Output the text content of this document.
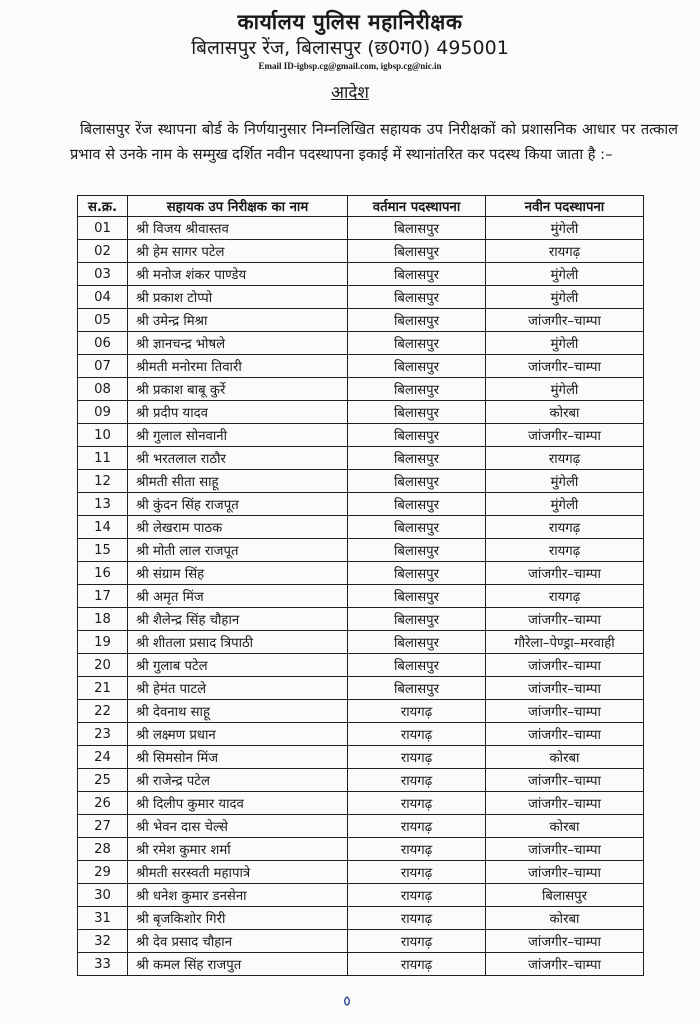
कार्यालय पुलिस महानिरीक्षक
बिलासपुर रेंज, बिलासपुर (छ0ग0) 495001
Email ID-igbsp.cg@gmail.com, igbsp.cg@nic.in
आदेश
बिलासपुर रेंज स्थापना बोर्ड के निर्णयानुसार निम्नलिखित सहायक उप निरीक्षकों को प्रशासनिक आधार पर तत्काल प्रभाव से उनके नाम के सम्मुख दर्शित नवीन पदस्थापना इकाई में स्थानांतरित कर पदस्थ किया जाता है :–
स.क्र.	सहायक उप निरीक्षक का नाम	वर्तमान पदस्थापना	नवीन पदस्थापना
01	श्री विजय श्रीवास्तव	बिलासपुर	मुंगेली
02	श्री हेम सागर पटेल	बिलासपुर	रायगढ़
03	श्री मनोज शंकर पाण्डेय	बिलासपुर	मुंगेली
04	श्री प्रकाश टोप्पो	बिलासपुर	मुंगेली
05	श्री उमेन्द्र मिश्रा	बिलासपुर	जांजगीर–चाम्पा
06	श्री ज्ञानचन्द्र भोषले	बिलासपुर	मुंगेली
07	श्रीमती मनोरमा तिवारी	बिलासपुर	जांजगीर–चाम्पा
08	श्री प्रकाश बाबू कुर्रे	बिलासपुर	मुंगेली
09	श्री प्रदीप यादव	बिलासपुर	कोरबा
10	श्री गुलाल सोनवानी	बिलासपुर	जांजगीर–चाम्पा
11	श्री भरतलाल राठौर	बिलासपुर	रायगढ़
12	श्रीमती सीता साहू	बिलासपुर	मुंगेली
13	श्री कुंदन सिंह राजपूत	बिलासपुर	मुंगेली
14	श्री लेखराम पाठक	बिलासपुर	रायगढ़
15	श्री मोती लाल राजपूत	बिलासपुर	रायगढ़
16	श्री संग्राम सिंह	बिलासपुर	जांजगीर–चाम्पा
17	श्री अमृत मिंज	बिलासपुर	रायगढ़
18	श्री शैलेन्द्र सिंह चौहान	बिलासपुर	जांजगीर–चाम्पा
19	श्री शीतला प्रसाद त्रिपाठी	बिलासपुर	गौरेला–पेण्ड्रा–मरवाही
20	श्री गुलाब पटेल	बिलासपुर	जांजगीर–चाम्पा
21	श्री हेमंत पाटले	बिलासपुर	जांजगीर–चाम्पा
22	श्री देवनाथ साहू	रायगढ़	जांजगीर–चाम्पा
23	श्री लक्ष्मण प्रधान	रायगढ़	जांजगीर–चाम्पा
24	श्री सिमसोन मिंज	रायगढ़	कोरबा
25	श्री राजेन्द्र पटेल	रायगढ़	जांजगीर–चाम्पा
26	श्री दिलीप कुमार यादव	रायगढ़	जांजगीर–चाम्पा
27	श्री भेवन दास चेल्से	रायगढ़	कोरबा
28	श्री रमेश कुमार शर्मा	रायगढ़	जांजगीर–चाम्पा
29	श्रीमती सरस्वती महापात्रे	रायगढ़	जांजगीर–चाम्पा
30	श्री धनेश कुमार डनसेना	रायगढ़	बिलासपुर
31	श्री बृजकिशोर गिरी	रायगढ़	कोरबा
32	श्री देव प्रसाद चौहान	रायगढ़	जांजगीर–चाम्पा
33	श्री कमल सिंह राजपुत	रायगढ़	जांजगीर–चाम्पा
